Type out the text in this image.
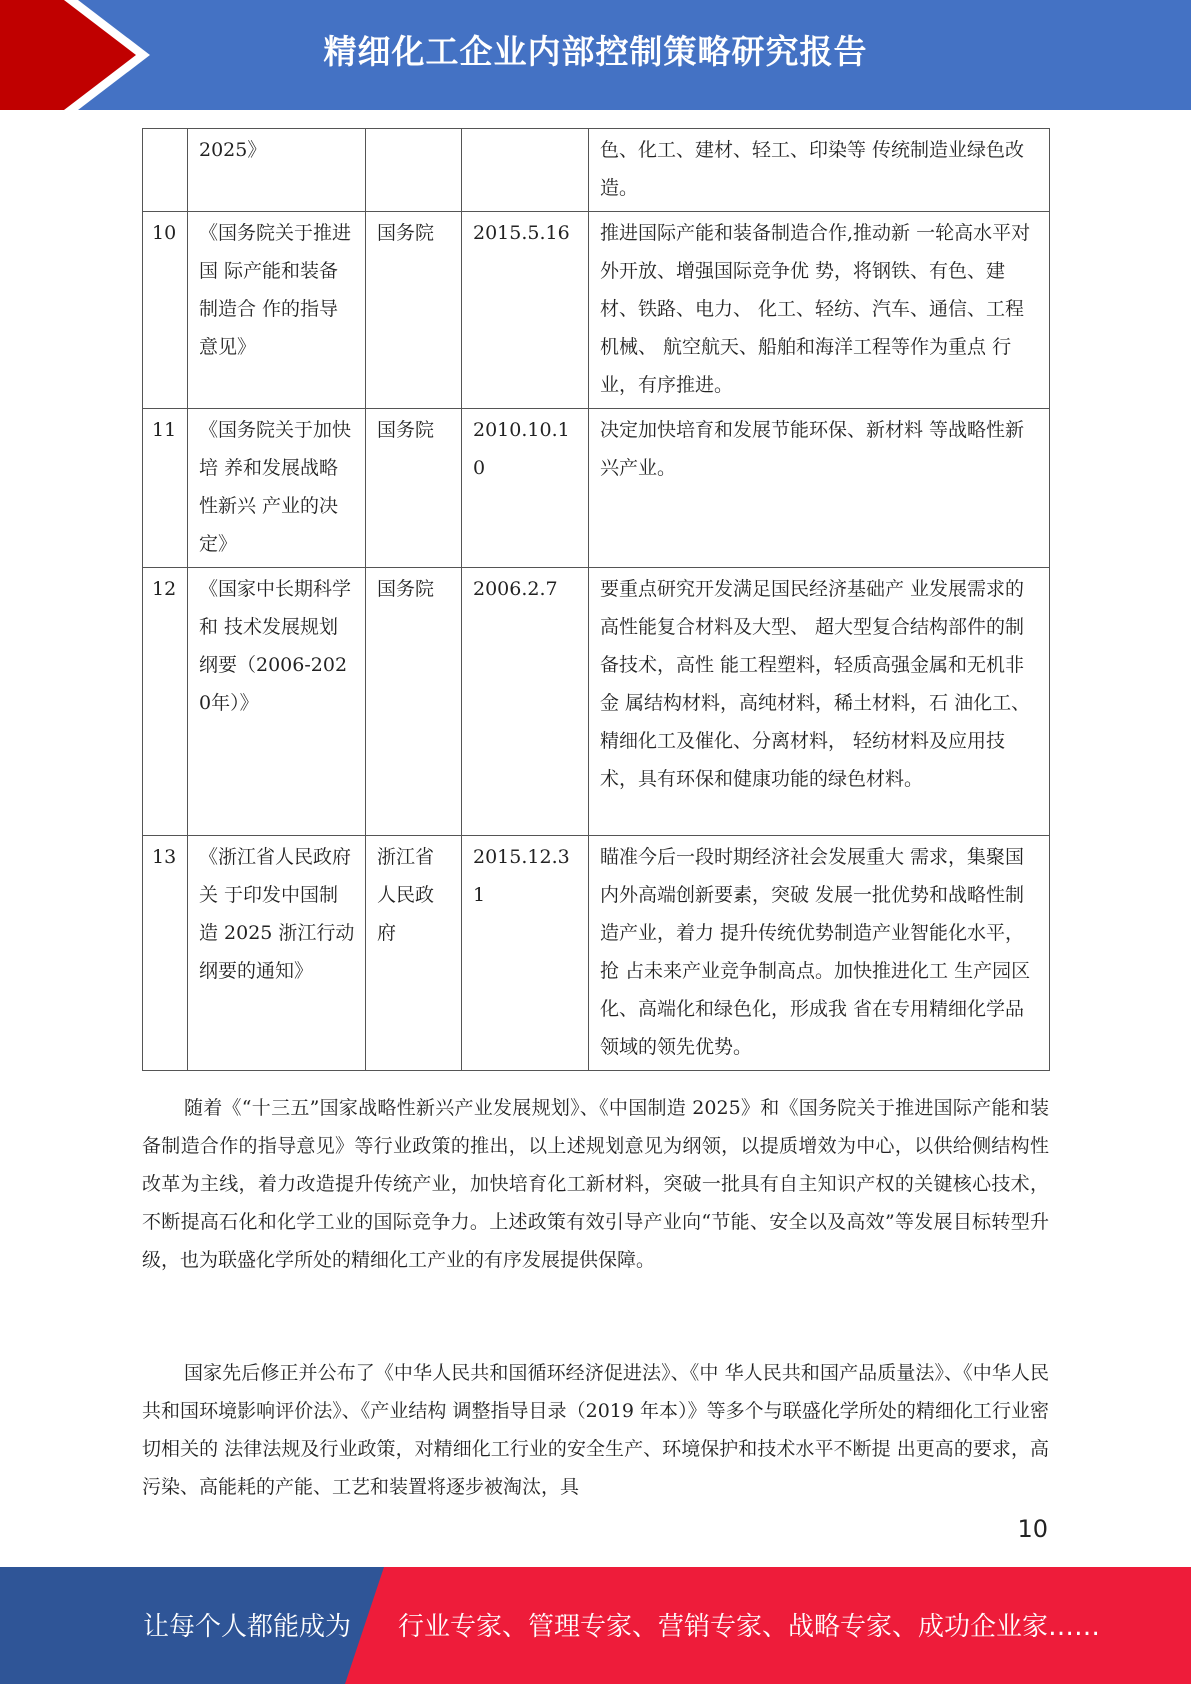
精细化工企业内部控制策略研究报告
	2025》			色、化工、建材、轻工、印染等 传统制造业绿色改造。
10	《国务院关于推进国 际产能和装备制造合 作的指导意见》	国务院	2015.5.16	推进国际产能和装备制造合作,推动新 一轮高水平对外开放、增强国际竞争优 势，将钢铁、有色、建材、铁路、电力、 化工、轻纺、汽车、通信、工程机械、 航空航天、船舶和海洋工程等作为重点 行业，有序推进。
11	《国务院关于加快培 养和发展战略性新兴 产业的决定》	国务院	2010.10.10	决定加快培育和发展节能环保、新材料 等战略性新兴产业。
12	《国家中长期科学和 技术发展规划纲要（2006-2020年）》	国务院	2006.2.7	要重点研究开发满足国民经济基础产 业发展需求的高性能复合材料及大型、 超大型复合结构部件的制备技术，高性 能工程塑料，轻质高强金属和无机非金 属结构材料，高纯材料，稀土材料，石 油化工、精细化工及催化、分离材料， 轻纺材料及应用技术，具有环保和健康功能的绿色材料。
13	《浙江省人民政府关 于印发中国制造 2025 浙江行动纲要的通知》	浙江省人民政府	2015.12.31	瞄准今后一段时期经济社会发展重大 需求，集聚国内外高端创新要素，突破 发展一批优势和战略性制造产业，着力 提升传统优势制造产业智能化水平，抢 占未来产业竞争制高点。加快推进化工 生产园区化、高端化和绿色化，形成我 省在专用精细化学品领域的领先优势。

随着《“十三五”国家战略性新兴产业发展规划》、《中国制造 2025》和《国务院关于推进国际产能和装备制造合作的指导意见》等行业政策的推出，以上述规划意见为纲领，以提质增效为中心，以供给侧结构性改革为主线，着力改造提升传统产业，加快培育化工新材料，突破一批具有自主知识产权的关键核心技术，不断提高石化和化学工业的国际竞争力。上述政策有效引导产业向“节能、安全以及高效”等发展目标转型升级，也为联盛化学所处的精细化工产业的有序发展提供保障。

国家先后修正并公布了《中华人民共和国循环经济促进法》、《中 华人民共和国产品质量法》、《中华人民共和国环境影响评价法》、《产业结构 调整指导目录（2019 年本）》等多个与联盛化学所处的精细化工行业密切相关的 法律法规及行业政策，对精细化工行业的安全生产、环境保护和技术水平不断提 出更高的要求，高污染、高能耗的产能、工艺和装置将逐步被淘汰，具

10
让每个人都能成为 行业专家、管理专家、营销专家、战略专家、成功企业家……
